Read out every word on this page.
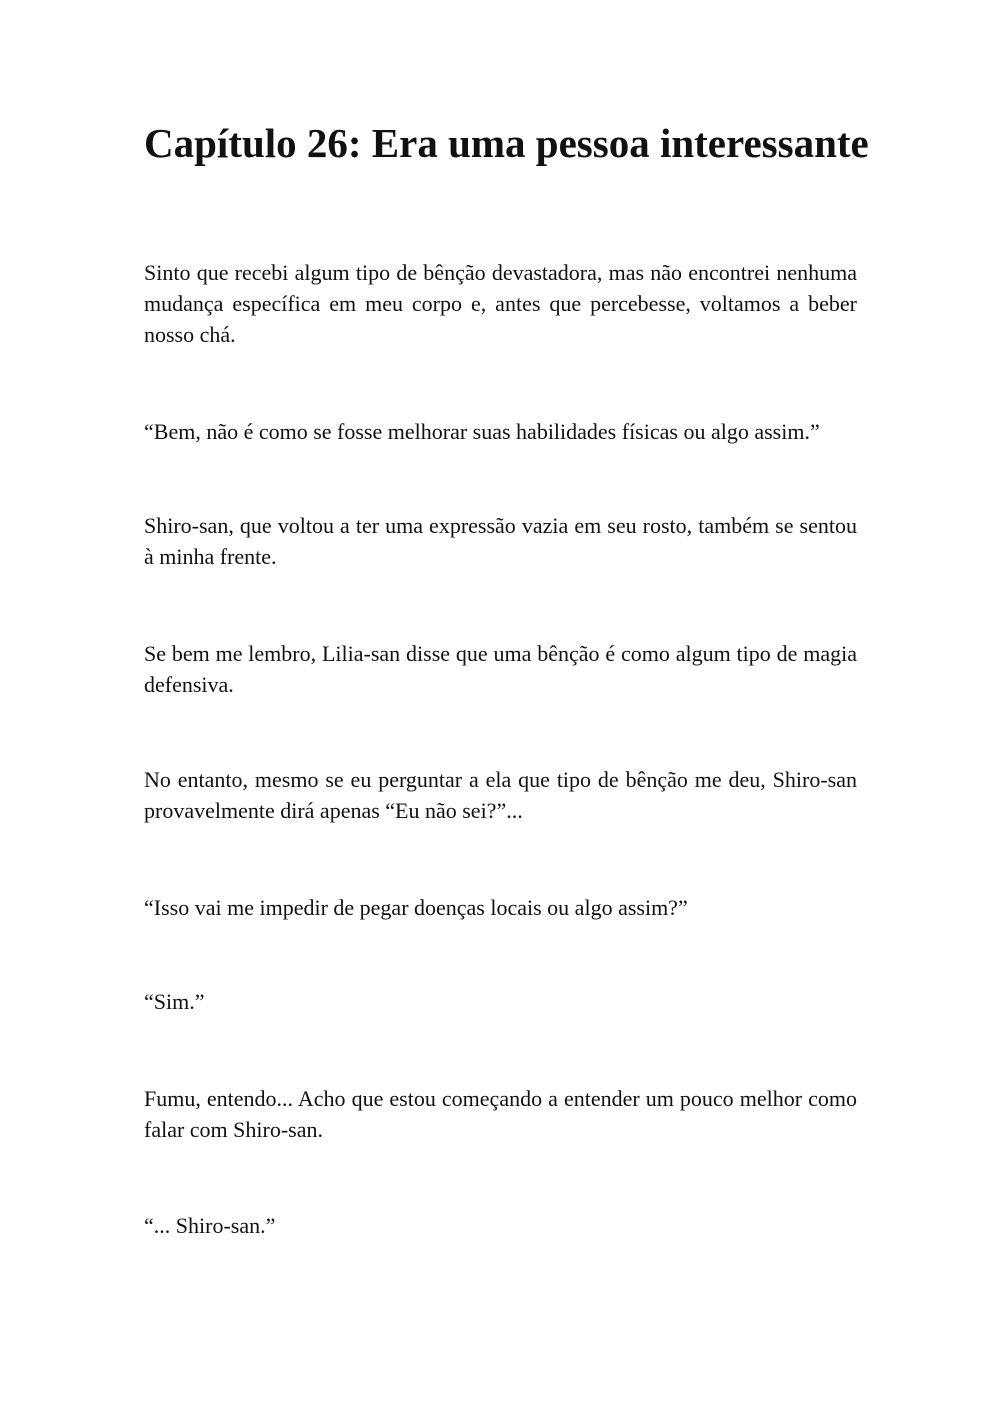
Capítulo 26: Era uma pessoa interessante

Sinto que recebi algum tipo de bênção devastadora, mas não encontrei nenhuma mudança específica em meu corpo e, antes que percebesse, voltamos a beber nosso chá.

“Bem, não é como se fosse melhorar suas habilidades físicas ou algo assim.”

Shiro-san, que voltou a ter uma expressão vazia em seu rosto, também se sentou à minha frente.

Se bem me lembro, Lilia-san disse que uma bênção é como algum tipo de magia defensiva.

No entanto, mesmo se eu perguntar a ela que tipo de bênção me deu, Shiro-san provavelmente dirá apenas “Eu não sei?”...

“Isso vai me impedir de pegar doenças locais ou algo assim?”

“Sim.”

Fumu, entendo... Acho que estou começando a entender um pouco melhor como falar com Shiro-san.

“... Shiro-san.”
